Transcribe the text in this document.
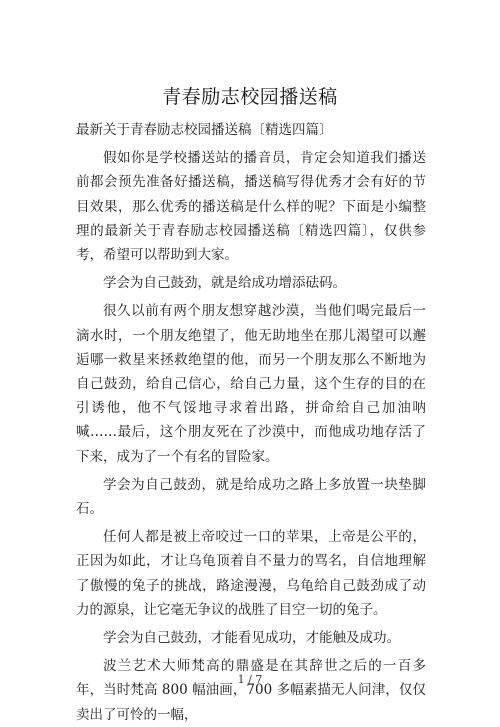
青春励志校园播送稿

最新关于青春励志校园播送稿〔精选四篇〕

假如你是学校播送站的播音员，肯定会知道我们播送前都会预先准备好播送稿，播送稿写得优秀才会有好的节目效果，那么优秀的播送稿是什么样的呢？下面是小编整理的最新关于青春励志校园播送稿〔精选四篇〕，仅供参考，希望可以帮助到大家。

学会为自己鼓劲，就是给成功增添砝码。

很久以前有两个朋友想穿越沙漠，当他们喝完最后一滴水时，一个朋友绝望了，他无助地坐在那儿渴望可以邂逅哪一救星来拯救绝望的他，而另一个朋友那么不断地为自己鼓劲，给自己信心，给自己力量，这个生存的目的在引诱他，他不气馁地寻求着出路，拼命给自己加油呐喊……最后，这个朋友死在了沙漠中，而他成功地存活了下来，成为了一个有名的冒险家。

学会为自己鼓劲，就是给成功之路上多放置一块垫脚石。

任何人都是被上帝咬过一口的苹果，上帝是公平的，正因为如此，才让乌龟顶着自不量力的骂名，自信地理解了傲慢的兔子的挑战，路途漫漫，乌龟给自己鼓劲成了动力的源泉，让它毫无争议的战胜了目空一切的兔子。

学会为自己鼓劲，才能看见成功，才能触及成功。

波兰艺术大师梵高的鼎盛是在其辞世之后的一百多年，当时梵高 800 幅油画，700 多幅素描无人问津，仅仅卖出了可怜的一幅，

1 / 7
